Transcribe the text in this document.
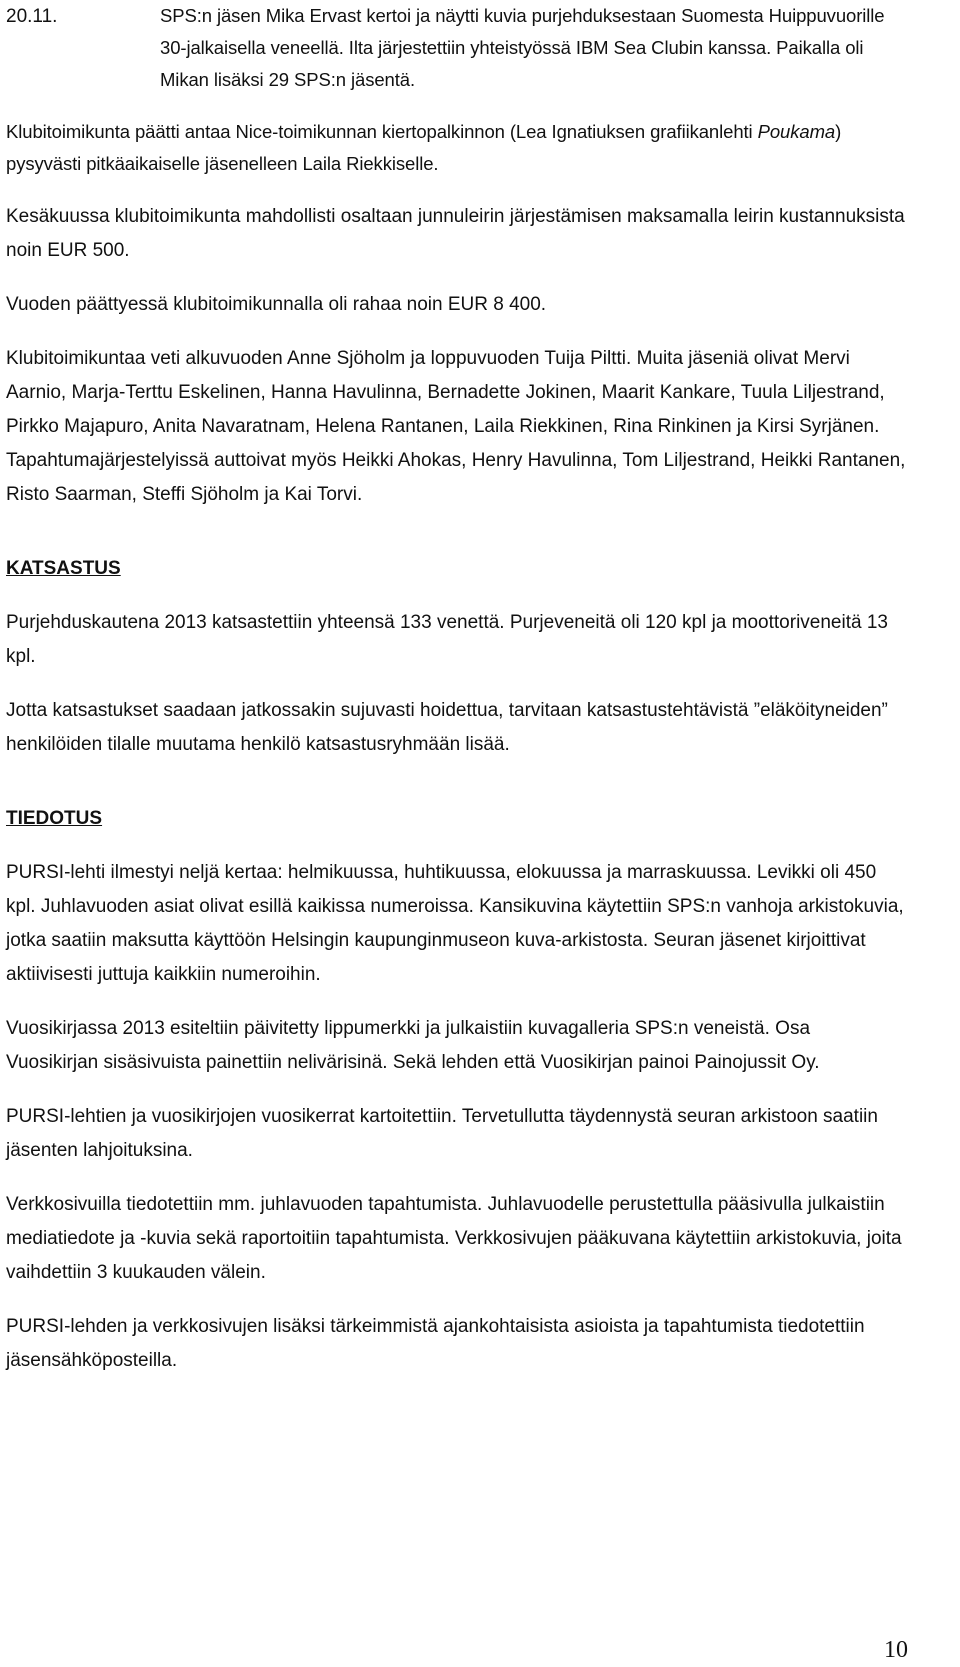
20.11.	SPS:n jäsen Mika Ervast kertoi ja näytti kuvia purjehduksestaan Suomesta Huippuvuorille 30-jalkaisella veneellä. Ilta järjestettiin yhteistyössä IBM Sea Clubin kanssa. Paikalla oli Mikan lisäksi 29 SPS:n jäsentä.

Klubitoimikunta päätti antaa Nice-toimikunnan kiertopalkinnon (Lea Ignatiuksen grafiikanlehti Poukama) pysyvästi pitkäaikaiselle jäsenelleen Laila Riekkiselle.

Kesäkuussa klubitoimikunta mahdollisti osaltaan junnuleirin järjestämisen maksamalla leirin kustannuksista noin EUR 500.

Vuoden päättyessä klubitoimikunnalla oli rahaa noin EUR 8 400.

Klubitoimikuntaa veti alkuvuoden Anne Sjöholm ja loppuvuoden Tuija Piltti. Muita jäseniä olivat Mervi Aarnio, Marja-Terttu Eskelinen, Hanna Havulinna, Bernadette Jokinen, Maarit Kankare, Tuula Liljestrand, Pirkko Majapuro, Anita Navaratnam, Helena Rantanen, Laila Riekkinen, Rina Rinkinen ja Kirsi Syrjänen. Tapahtumajärjestelyissä auttoivat myös Heikki Ahokas, Henry Havulinna, Tom Liljestrand, Heikki Rantanen, Risto Saarman, Steffi Sjöholm ja Kai Torvi.

KATSASTUS

Purjehduskautena 2013 katsastettiin yhteensä 133 venettä. Purjeveneitä oli 120 kpl ja moottoriveneitä 13 kpl.

Jotta katsastukset saadaan jatkossakin sujuvasti hoidettua, tarvitaan katsastustehtävistä ”eläköityneiden” henkilöiden tilalle muutama henkilö katsastusryhmään lisää.

TIEDOTUS

PURSI-lehti ilmestyi neljä kertaa: helmikuussa, huhtikuussa, elokuussa ja marraskuussa. Levikki oli 450 kpl. Juhlavuoden asiat olivat esillä kaikissa numeroissa. Kansikuvina käytettiin SPS:n vanhoja arkistokuvia, jotka saatiin maksutta käyttöön Helsingin kaupunginmuseon kuva-arkistosta. Seuran jäsenet kirjoittivat aktiivisesti juttuja kaikkiin numeroihin.

Vuosikirjassa 2013 esiteltiin päivitetty lippumerkki ja julkaistiin kuvagalleria SPS:n veneistä. Osa Vuosikirjan sisäsivuista painettiin nelivärisinä. Sekä lehden että Vuosikirjan painoi Painojussit Oy.

PURSI-lehtien ja vuosikirjojen vuosikerrat kartoitettiin. Tervetullutta täydennystä seuran arkistoon saatiin jäsenten lahjoituksina.

Verkkosivuilla tiedotettiin mm. juhlavuoden tapahtumista. Juhlavuodelle perustettulla pääsivulla julkaistiin mediatiedote ja -kuvia sekä raportoitiin tapahtumista. Verkkosivujen pääkuvana käytettiin arkistokuvia, joita vaihdettiin 3 kuukauden välein.

PURSI-lehden ja verkkosivujen lisäksi tärkeimmistä ajankohtaisista asioista ja tapahtumista tiedotettiin jäsensähköposteilla.

10
